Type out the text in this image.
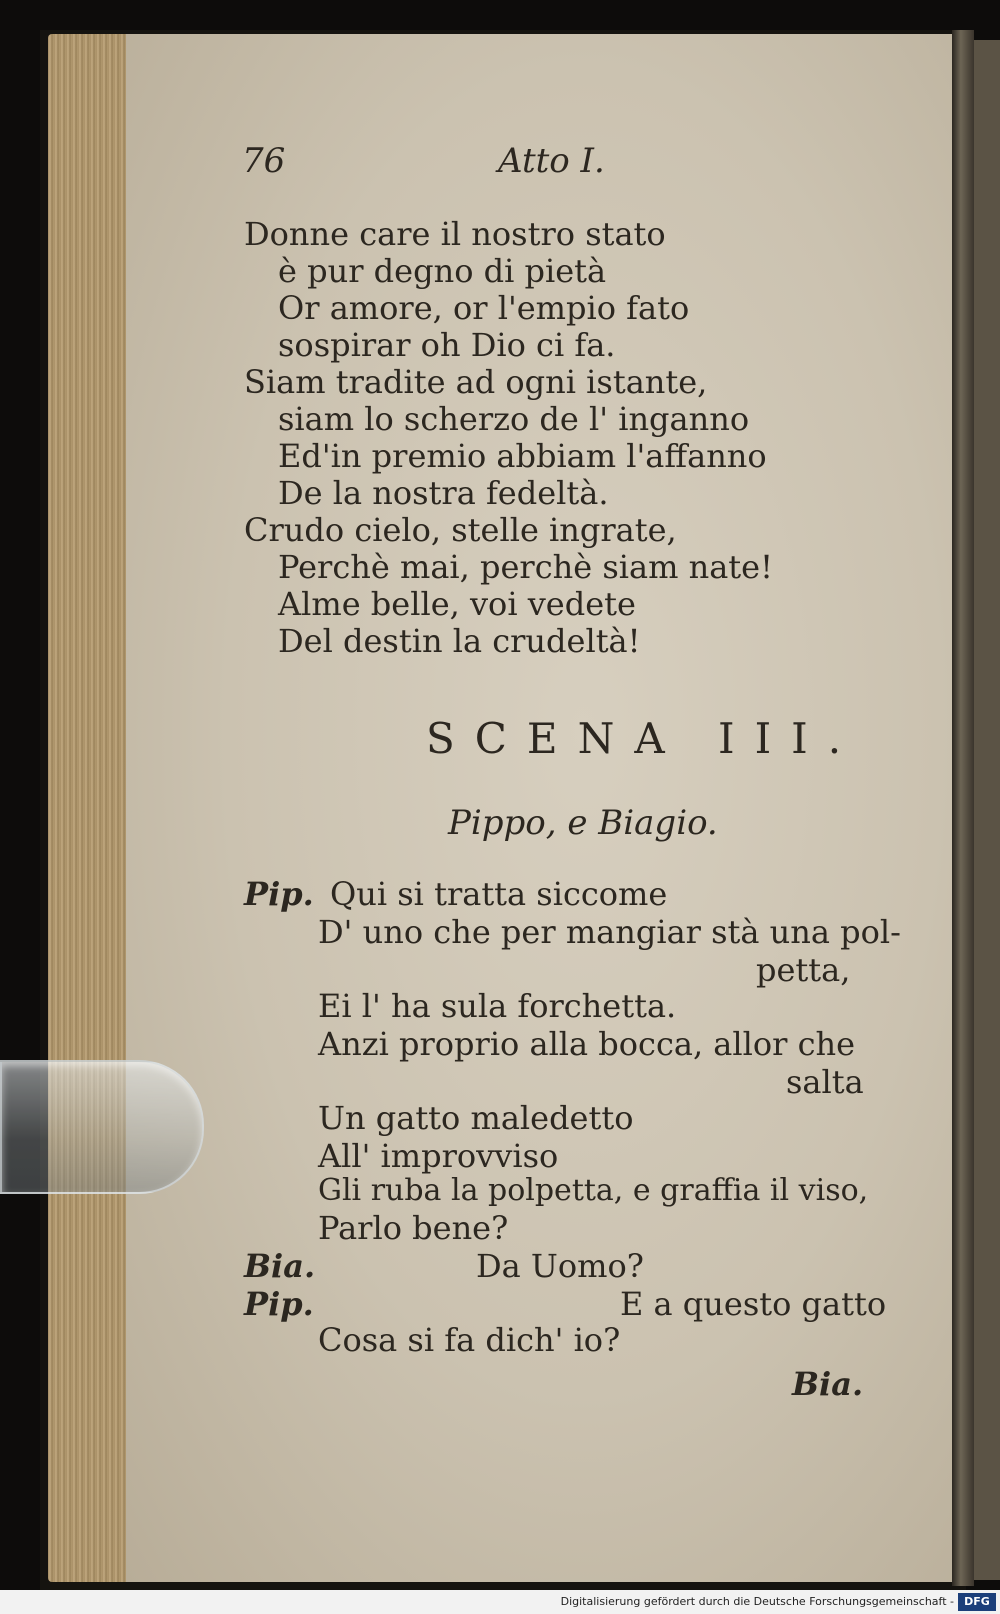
76	Atto I.
Donne care il nostro stato
è pur degno di pietà
Or amore, or l'empio fato
sospirar oh Dio ci fa.
Siam tradite ad ogni istante,
siam lo scherzo de l' inganno
Ed'in premio abbiam l'affanno
De la nostra fedeltà.
Crudo cielo, stelle ingrate,
Perchè mai, perchè siam nate!
Alme belle, voi vedete
Del destin la crudeltà!
SCENA III.
Pippo, e Biagio.
Pip. Qui si tratta siccome
D' uno che per mangiar stà una pol-
petta,
Ei l' ha sula forchetta.
Anzi proprio alla bocca, allor che
salta
Un gatto maledetto
All' improvviso
Gli ruba la polpetta, e graffia il viso,
Parlo bene?
Bia.	Da Uomo?
Pip.	E a questo gatto
Cosa si fa dich' io?
Bia.
Digitalisierung gefördert durch die Deutsche Forschungsgemeinschaft - DFG
